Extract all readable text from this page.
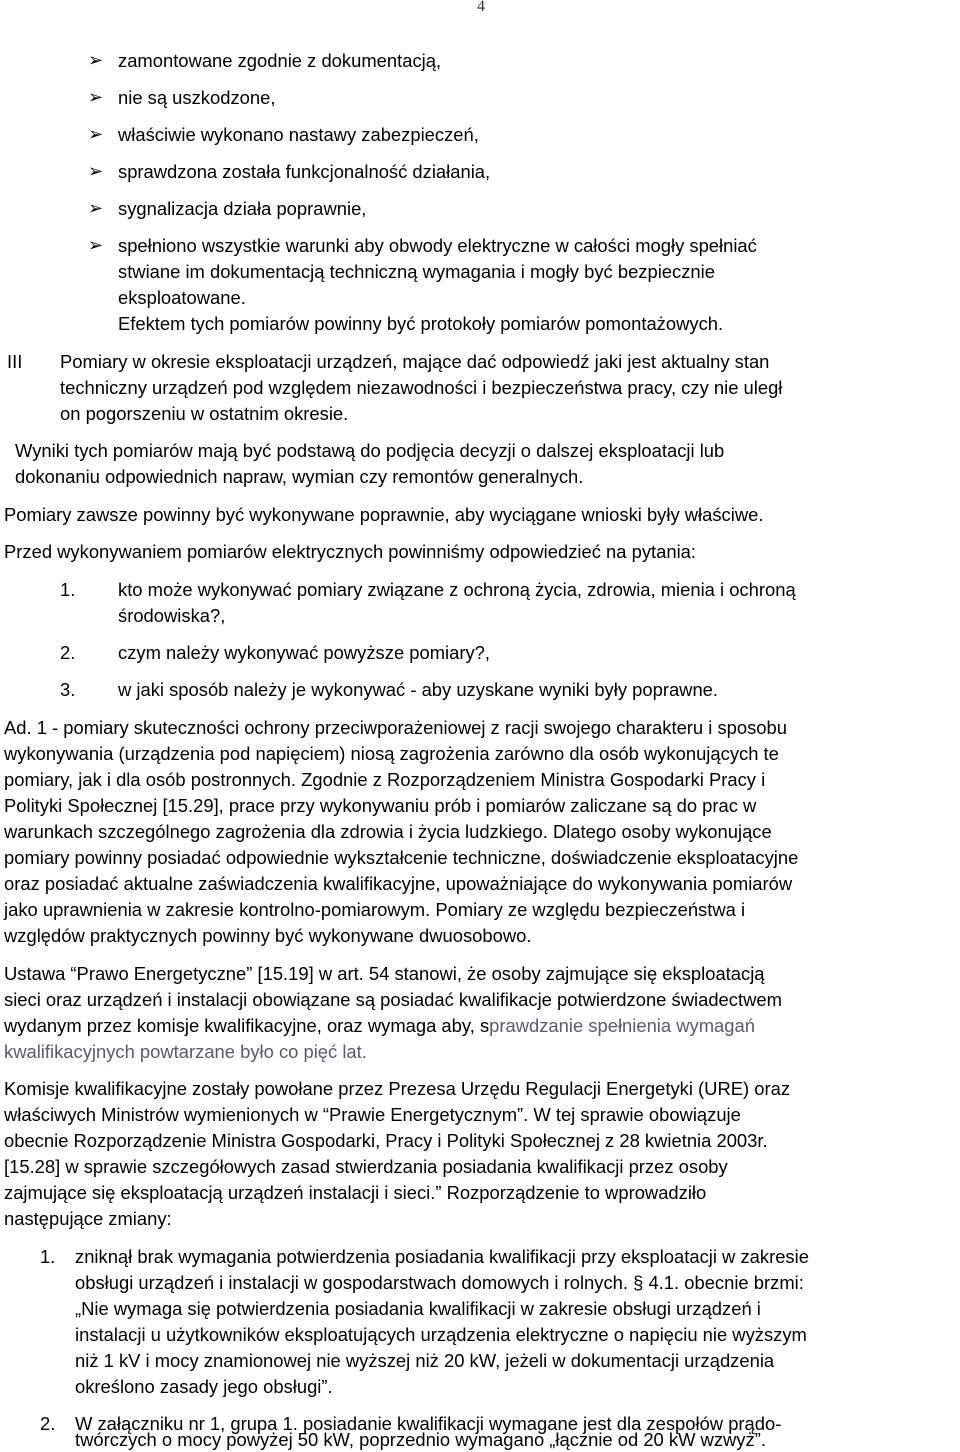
4
➢ zamontowane zgodnie z dokumentacją,
➢ nie są uszkodzone,
➢ właściwie wykonano nastawy zabezpieczeń,
➢ sprawdzona została funkcjonalność działania,
➢ sygnalizacja działa poprawnie,
➢ spełniono wszystkie warunki aby obwody elektryczne w całości mogły spełniać
stwiane im dokumentacją techniczną wymagania i mogły być bezpiecznie
eksploatowane.
Efektem tych pomiarów powinny być protokoły pomiarów pomontażowych.
III Pomiary w okresie eksploatacji urządzeń, mające dać odpowiedź jaki jest aktualny stan
techniczny urządzeń pod względem niezawodności i bezpieczeństwa pracy, czy nie uległ
on pogorszeniu w ostatnim okresie.
Wyniki tych pomiarów mają być podstawą do podjęcia decyzji o dalszej eksploatacji lub
dokonaniu odpowiednich napraw, wymian czy remontów generalnych.
Pomiary zawsze powinny być wykonywane poprawnie, aby wyciągane wnioski były właściwe.
Przed wykonywaniem pomiarów elektrycznych powinniśmy odpowiedzieć na pytania:
1. kto może wykonywać pomiary związane z ochroną życia, zdrowia, mienia i ochroną
środowiska?,
2. czym należy wykonywać powyższe pomiary?,
3. w jaki sposób należy je wykonywać - aby uzyskane wyniki były poprawne.
Ad. 1 - pomiary skuteczności ochrony przeciwporażeniowej z racji swojego charakteru i sposobu
wykonywania (urządzenia pod napięciem) niosą zagrożenia zarówno dla osób wykonujących te
pomiary, jak i dla osób postronnych. Zgodnie z Rozporządzeniem Ministra Gospodarki Pracy i
Polityki Społecznej [15.29], prace przy wykonywaniu prób i pomiarów zaliczane są do prac w
warunkach szczególnego zagrożenia dla zdrowia i życia ludzkiego. Dlatego osoby wykonujące
pomiary powinny posiadać odpowiednie wykształcenie techniczne, doświadczenie eksploatacyjne
oraz posiadać aktualne zaświadczenia kwalifikacyjne, upoważniające do wykonywania pomiarów
jako uprawnienia w zakresie kontrolno-pomiarowym. Pomiary ze względu bezpieczeństwa i
względów praktycznych powinny być wykonywane dwuosobowo.
Ustawa “Prawo Energetyczne” [15.19] w art. 54 stanowi, że osoby zajmujące się eksploatacją
sieci oraz urządzeń i instalacji obowiązane są posiadać kwalifikacje potwierdzone świadectwem
wydanym przez komisje kwalifikacyjne, oraz wymaga aby, sprawdzanie spełnienia wymagań
kwalifikacyjnych powtarzane było co pięć lat.
Komisje kwalifikacyjne zostały powołane przez Prezesa Urzędu Regulacji Energetyki (URE) oraz
właściwych Ministrów wymienionych w “Prawie Energetycznym”. W tej sprawie obowiązuje
obecnie Rozporządzenie Ministra Gospodarki, Pracy i Polityki Społecznej z 28 kwietnia 2003r.
[15.28] w sprawie szczegółowych zasad stwierdzania posiadania kwalifikacji przez osoby
zajmujące się eksploatacją urządzeń instalacji i sieci.” Rozporządzenie to wprowadziło
następujące zmiany:
1. zniknął brak wymagania potwierdzenia posiadania kwalifikacji przy eksploatacji w zakresie
obsługi urządzeń i instalacji w gospodarstwach domowych i rolnych. § 4.1. obecnie brzmi:
„Nie wymaga się potwierdzenia posiadania kwalifikacji w zakresie obsługi urządzeń i
instalacji u użytkowników eksploatujących urządzenia elektryczne o napięciu nie wyższym
niż 1 kV i mocy znamionowej nie wyższej niż 20 kW, jeżeli w dokumentacji urządzenia
określono zasady jego obsługi”.
2. W załączniku nr 1, grupa 1. posiadanie kwalifikacji wymagane jest dla zespołów prądo-
twórczych o mocy powyżej 50 kW, poprzednio wymagano „łącznie od 20 kW wzwyż”.
